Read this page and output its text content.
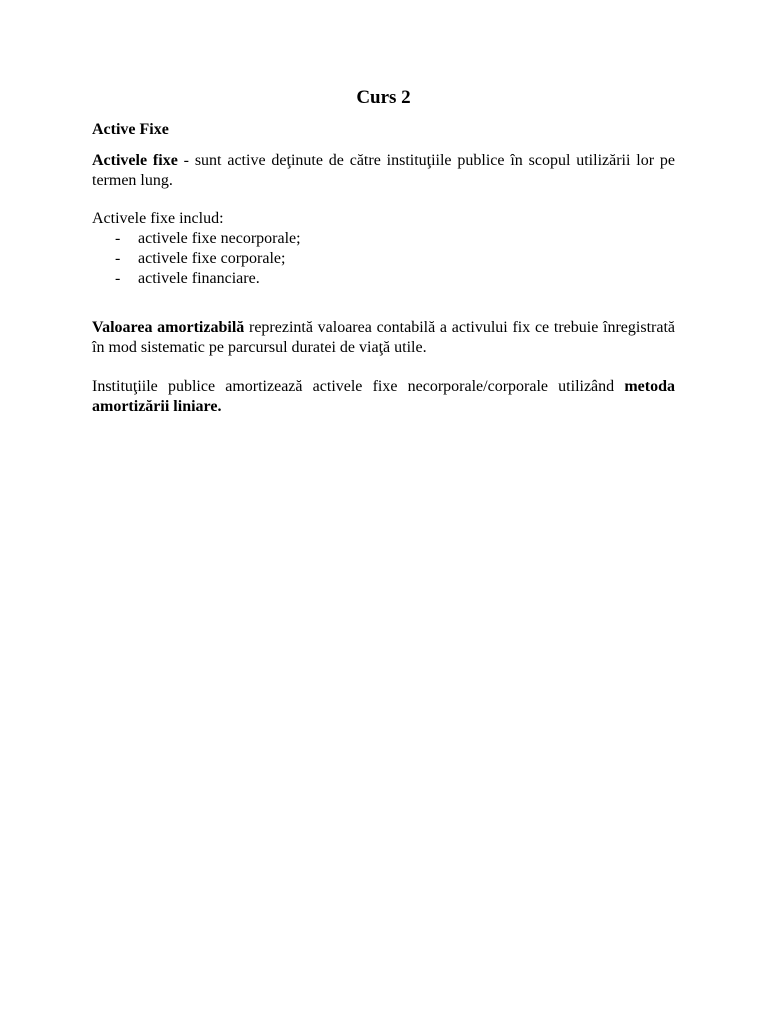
Curs 2
Active Fixe
Activele fixe - sunt active deţinute de către instituţiile publice în scopul utilizării lor pe termen lung.
Activele fixe includ:
- activele fixe necorporale;
- activele fixe corporale;
- activele financiare.
Valoarea amortizabilă reprezintă valoarea contabilă a activului fix ce trebuie înregistrată în mod sistematic pe parcursul duratei de viaţă utile.
Instituţiile publice amortizează activele fixe necorporale/corporale utilizând metoda amortizării liniare.
